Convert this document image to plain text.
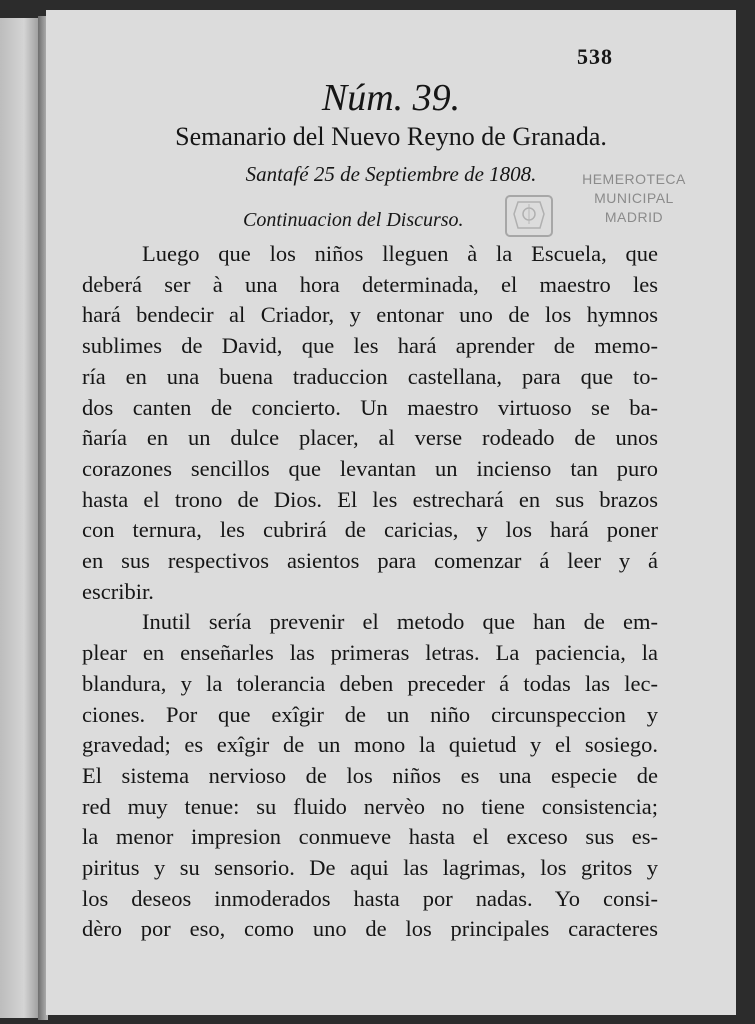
538
Núm. 39.
Semanario del Nuevo Reyno de Granada.
Santafé 25 de Septiembre de 1808.	HEMEROTECA
MUNICIPAL
MADRID
Continuacion del Discurso.
Luego que los niños lleguen à la Escuela, que
deberá ser à una hora determinada, el maestro les
hará bendecir al Criador, y entonar uno de los hymnos
sublimes de David, que les hará aprender de memo-
ría en una buena traduccion castellana, para que to-
dos canten de concierto. Un maestro virtuoso se ba-
ñaría en un dulce placer, al verse rodeado de unos
corazones sencillos que levantan un incienso tan puro
hasta el trono de Dios. El les estrechará en sus brazos
con ternura, les cubrirá de caricias, y los hará poner
en sus respectivos asientos para comenzar á leer y á
escribir.
Inutil sería prevenir el metodo que han de em-
plear en enseñarles las primeras letras. La paciencia, la
blandura, y la tolerancia deben preceder á todas las lec-
ciones. Por que exîgir de un niño circunspeccion y
gravedad; es exîgir de un mono la quietud y el sosiego.
El sistema nervioso de los niños es una especie de
red muy tenue: su fluido nervèo no tiene consistencia;
la menor impresion conmueve hasta el exceso sus es-
piritus y su sensorio. De aqui las lagrimas, los gritos y
los deseos inmoderados hasta por nadas. Yo consi-
dèro por eso, como uno de los principales caracteres
